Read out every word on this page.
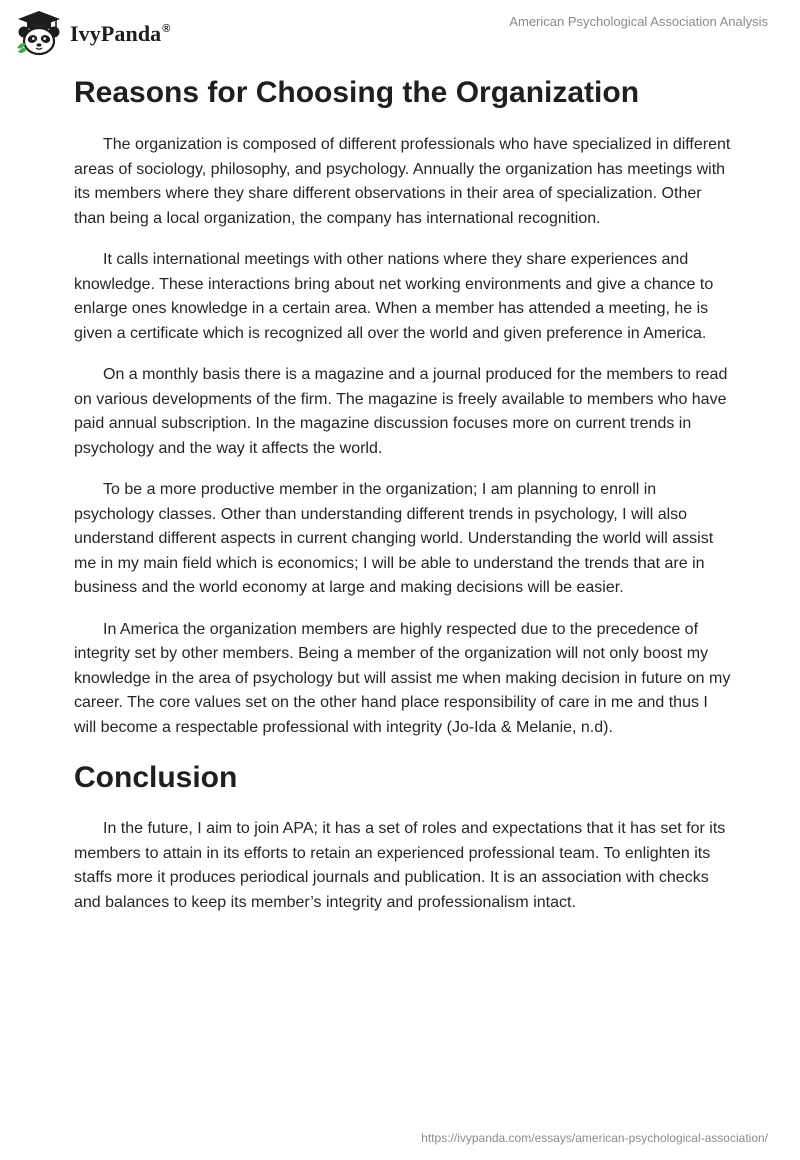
IvyPanda®	American Psychological Association Analysis
Reasons for Choosing the Organization

The organization is composed of different professionals who have specialized in different areas of sociology, philosophy, and psychology. Annually the organization has meetings with its members where they share different observations in their area of specialization. Other than being a local organization, the company has international recognition.

It calls international meetings with other nations where they share experiences and knowledge. These interactions bring about net working environments and give a chance to enlarge ones knowledge in a certain area. When a member has attended a meeting, he is given a certificate which is recognized all over the world and given preference in America.

On a monthly basis there is a magazine and a journal produced for the members to read on various developments of the firm. The magazine is freely available to members who have paid annual subscription. In the magazine discussion focuses more on current trends in psychology and the way it affects the world.

To be a more productive member in the organization; I am planning to enroll in psychology classes. Other than understanding different trends in psychology, I will also understand different aspects in current changing world. Understanding the world will assist me in my main field which is economics; I will be able to understand the trends that are in business and the world economy at large and making decisions will be easier.

In America the organization members are highly respected due to the precedence of integrity set by other members. Being a member of the organization will not only boost my knowledge in the area of psychology but will assist me when making decision in future on my career. The core values set on the other hand place responsibility of care in me and thus I will become a respectable professional with integrity (Jo-Ida & Melanie, n.d).

Conclusion

In the future, I aim to join APA; it has a set of roles and expectations that it has set for its members to attain in its efforts to retain an experienced professional team. To enlighten its staffs more it produces periodical journals and publication. It is an association with checks and balances to keep its member’s integrity and professionalism intact.

https://ivypanda.com/essays/american-psychological-association/
